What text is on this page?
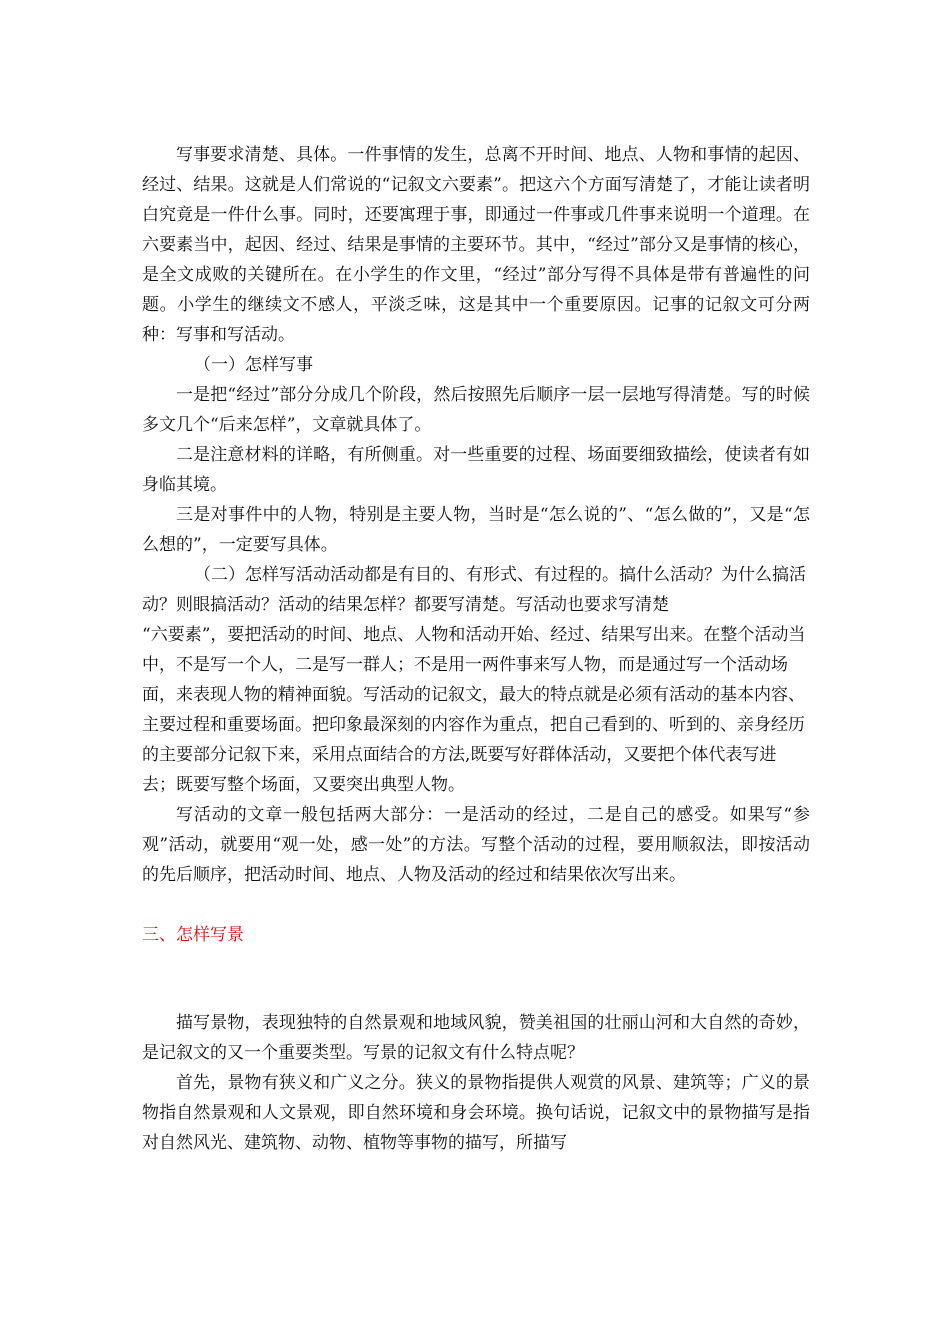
写事要求清楚、具体。一件事情的发生，总离不开时间、地点、人物和事情的起因、经过、结果。这就是人们常说的“记叙文六要素”。把这六个方面写清楚了，才能让读者明白究竟是一件什么事。同时，还要寓理于事，即通过一件事或几件事来说明一个道理。在六要素当中，起因、经过、结果是事情的主要环节。其中，“经过”部分又是事情的核心，是全文成败的关键所在。在小学生的作文里，“经过”部分写得不具体是带有普遍性的问题。小学生的继续文不感人，平淡乏味，这是其中一个重要原因。记事的记叙文可分两种：写事和写活动。

（一）怎样写事

一是把“经过”部分分成几个阶段，然后按照先后顺序一层一层地写得清楚。写的时候多文几个“后来怎样”，文章就具体了。

二是注意材料的详略，有所侧重。对一些重要的过程、场面要细致描绘，使读者有如身临其境。

三是对事件中的人物，特别是主要人物，当时是“怎么说的”、“怎么做的”，又是“怎么想的”，一定要写具体。

（二）怎样写活动活动都是有目的、有形式、有过程的。搞什么活动？为什么搞活动？则眼搞活动？活动的结果怎样？都要写清楚。写活动也要求写清楚

“六要素”，要把活动的时间、地点、人物和活动开始、经过、结果写出来。在整个活动当中，不是写一个人，二是写一群人；不是用一两件事来写人物，而是通过写一个活动场面，来表现人物的精神面貌。写活动的记叙文，最大的特点就是必须有活动的基本内容、主要过程和重要场面。把印象最深刻的内容作为重点，把自己看到的、听到的、亲身经历的主要部分记叙下来，采用点面结合的方法,既要写好群体活动，又要把个体代表写进去；既要写整个场面，又要突出典型人物。

写活动的文章一般包括两大部分：一是活动的经过，二是自己的感受。如果写“参观”活动，就要用“观一处，感一处”的方法。写整个活动的过程，要用顺叙法，即按活动的先后顺序，把活动时间、地点、人物及活动的经过和结果依次写出来。

三、怎样写景

描写景物，表现独特的自然景观和地域风貌，赞美祖国的壮丽山河和大自然的奇妙，是记叙文的又一个重要类型。写景的记叙文有什么特点呢？

首先，景物有狭义和广义之分。狭义的景物指提供人观赏的风景、建筑等；广义的景物指自然景观和人文景观，即自然环境和身会环境。换句话说，记叙文中的景物描写是指对自然风光、建筑物、动物、植物等事物的描写，所描写
